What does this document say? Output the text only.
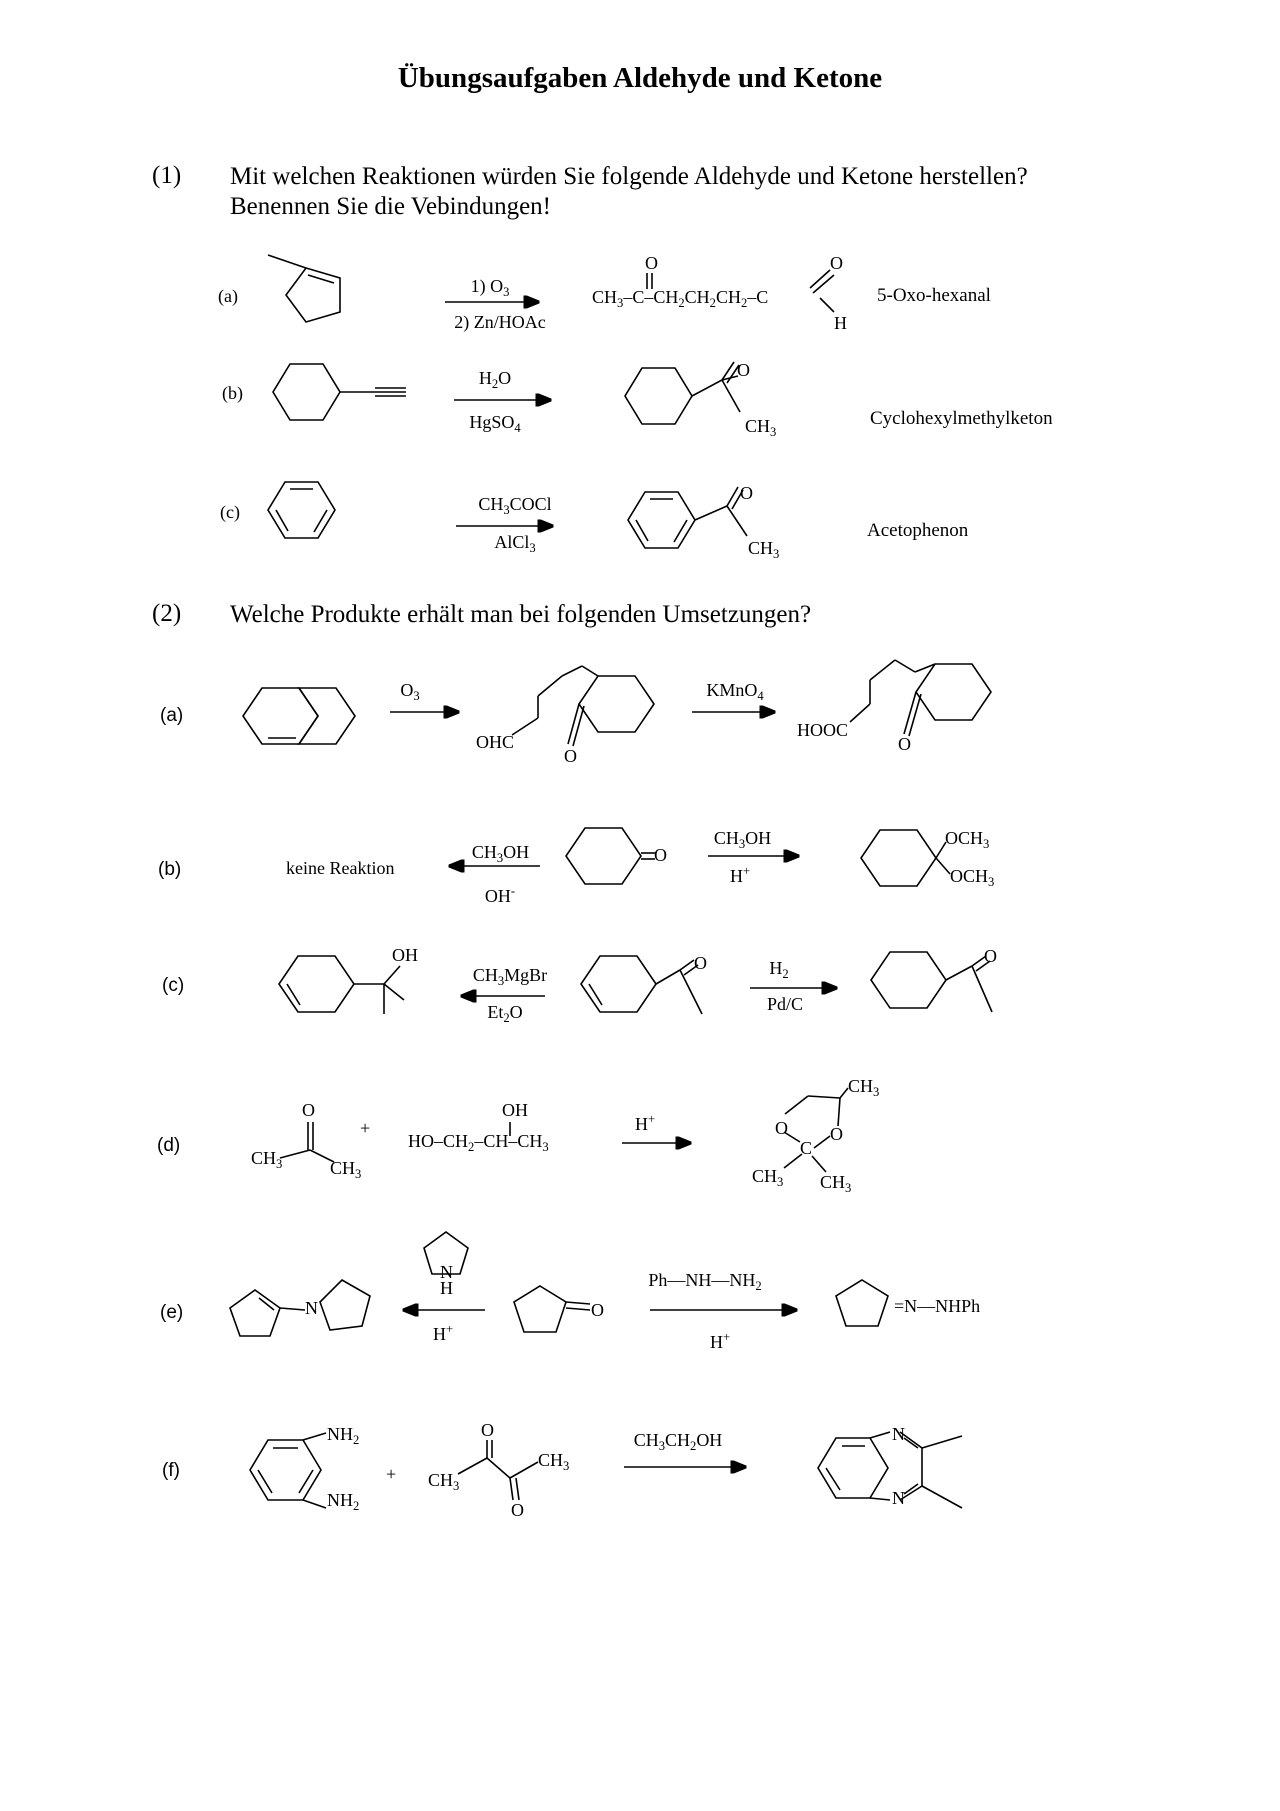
Übungsaufgaben Aldehyde und Ketone
(1) Mit welchen Reaktionen würden Sie folgende Aldehyde und Ketone herstellen?
Benennen Sie die Vebindungen!
(a)
(b)
(c)
1) $O_3$
2) Zn/HOAc
$H_2O$
HgSO$_4$
$CH_3COCl$
AlCl$_3$
$CH_3-C-CH_2CH_2CH_2-C$
O	O
H
O
$CH_3$
O
$CH_3$
5-Oxo-hexanal
Cyclohexylmethylketon
Acetophenon
(2) Welche Produkte erhält man bei folgenden Umsetzungen?
(a)
(b)
(c)
(d)
(e)
(f)
$O_3$
OHC
O
KMnO$_4$
HOOC
O
keine Reaktion
$CH_3OH$
OH-
O
$CH_3OH$
H+
$OCH_3$
$OCH_3$
OH
$CH_3MgBr$
$Et_2O$
O	$H_2$
Pd/C
O
O
$CH_3$	$CH_3$
+
OH
$HO-CH_2-CH-CH_3$
H+
$CH_3$
O O
C
$CH_3$ $CH_3$
N
H
N
H+
O
$Ph—NH—NH_2$
H+
=N—NHPh
$NH_2$
$NH_2$
+ $CH_3$
$CH_3$
O
O
$CH_3CH_2OH$	N
N
